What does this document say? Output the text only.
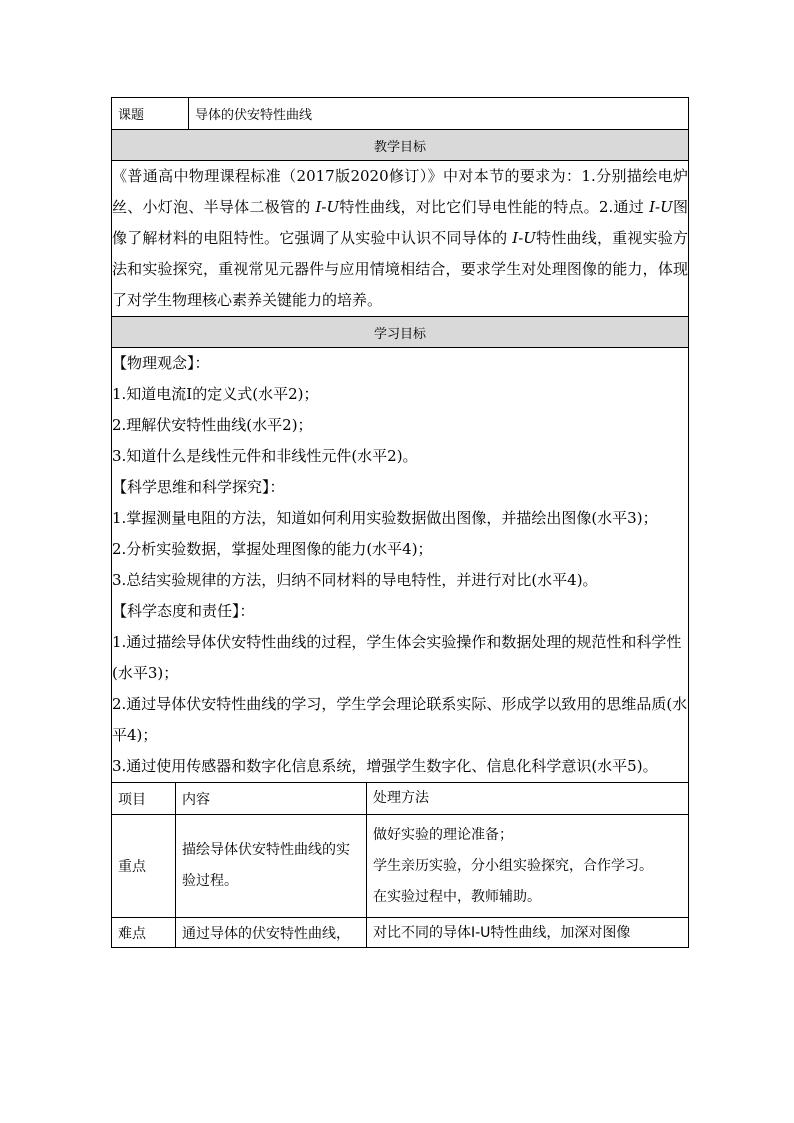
课题	导体的伏安特性曲线
教学目标
《普通高中物理课程标准（2017版2020修订）》中对本节的要求为：1.分别描绘电炉丝、小灯泡、半导体二极管的 I-U特性曲线，对比它们导电性能的特点。2.通过 I-U图像了解材料的电阻特性。它强调了从实验中认识不同导体的 I-U特性曲线，重视实验方法和实验探究，重视常见元器件与应用情境相结合，要求学生对处理图像的能力，体现了对学生物理核心素养关键能力的培养。
学习目标

【物理观念】：
1.知道电流I的定义式(水平2)；
2.理解伏安特性曲线(水平2)；
3.知道什么是线性元件和非线性元件(水平2)。
【科学思维和科学探究】：
1.掌握测量电阻的方法，知道如何利用实验数据做出图像，并描绘出图像(水平3)；
2.分析实验数据，掌握处理图像的能力(水平4)；
3.总结实验规律的方法，归纳不同材料的导电特性，并进行对比(水平4)。
【科学态度和责任】：
1.通过描绘导体伏安特性曲线的过程，学生体会实验操作和数据处理的规范性和科学性(水平3)；
2.通过导体伏安特性曲线的学习，学生学会理论联系实际、形成学以致用的思维品质(水平4)；
3.通过使用传感器和数字化信息系统，增强学生数字化、信息化科学意识(水平5)。
项目	内容	处理方法
重点	描绘导体伏安特性曲线的实验过程。	做好实验的理论准备；
学生亲历实验，分小组实验探究，合作学习。
在实验过程中，教师辅助。

难点	通过导体的伏安特性曲线，	对比不同的导体I-U特性曲线，加深对图像
